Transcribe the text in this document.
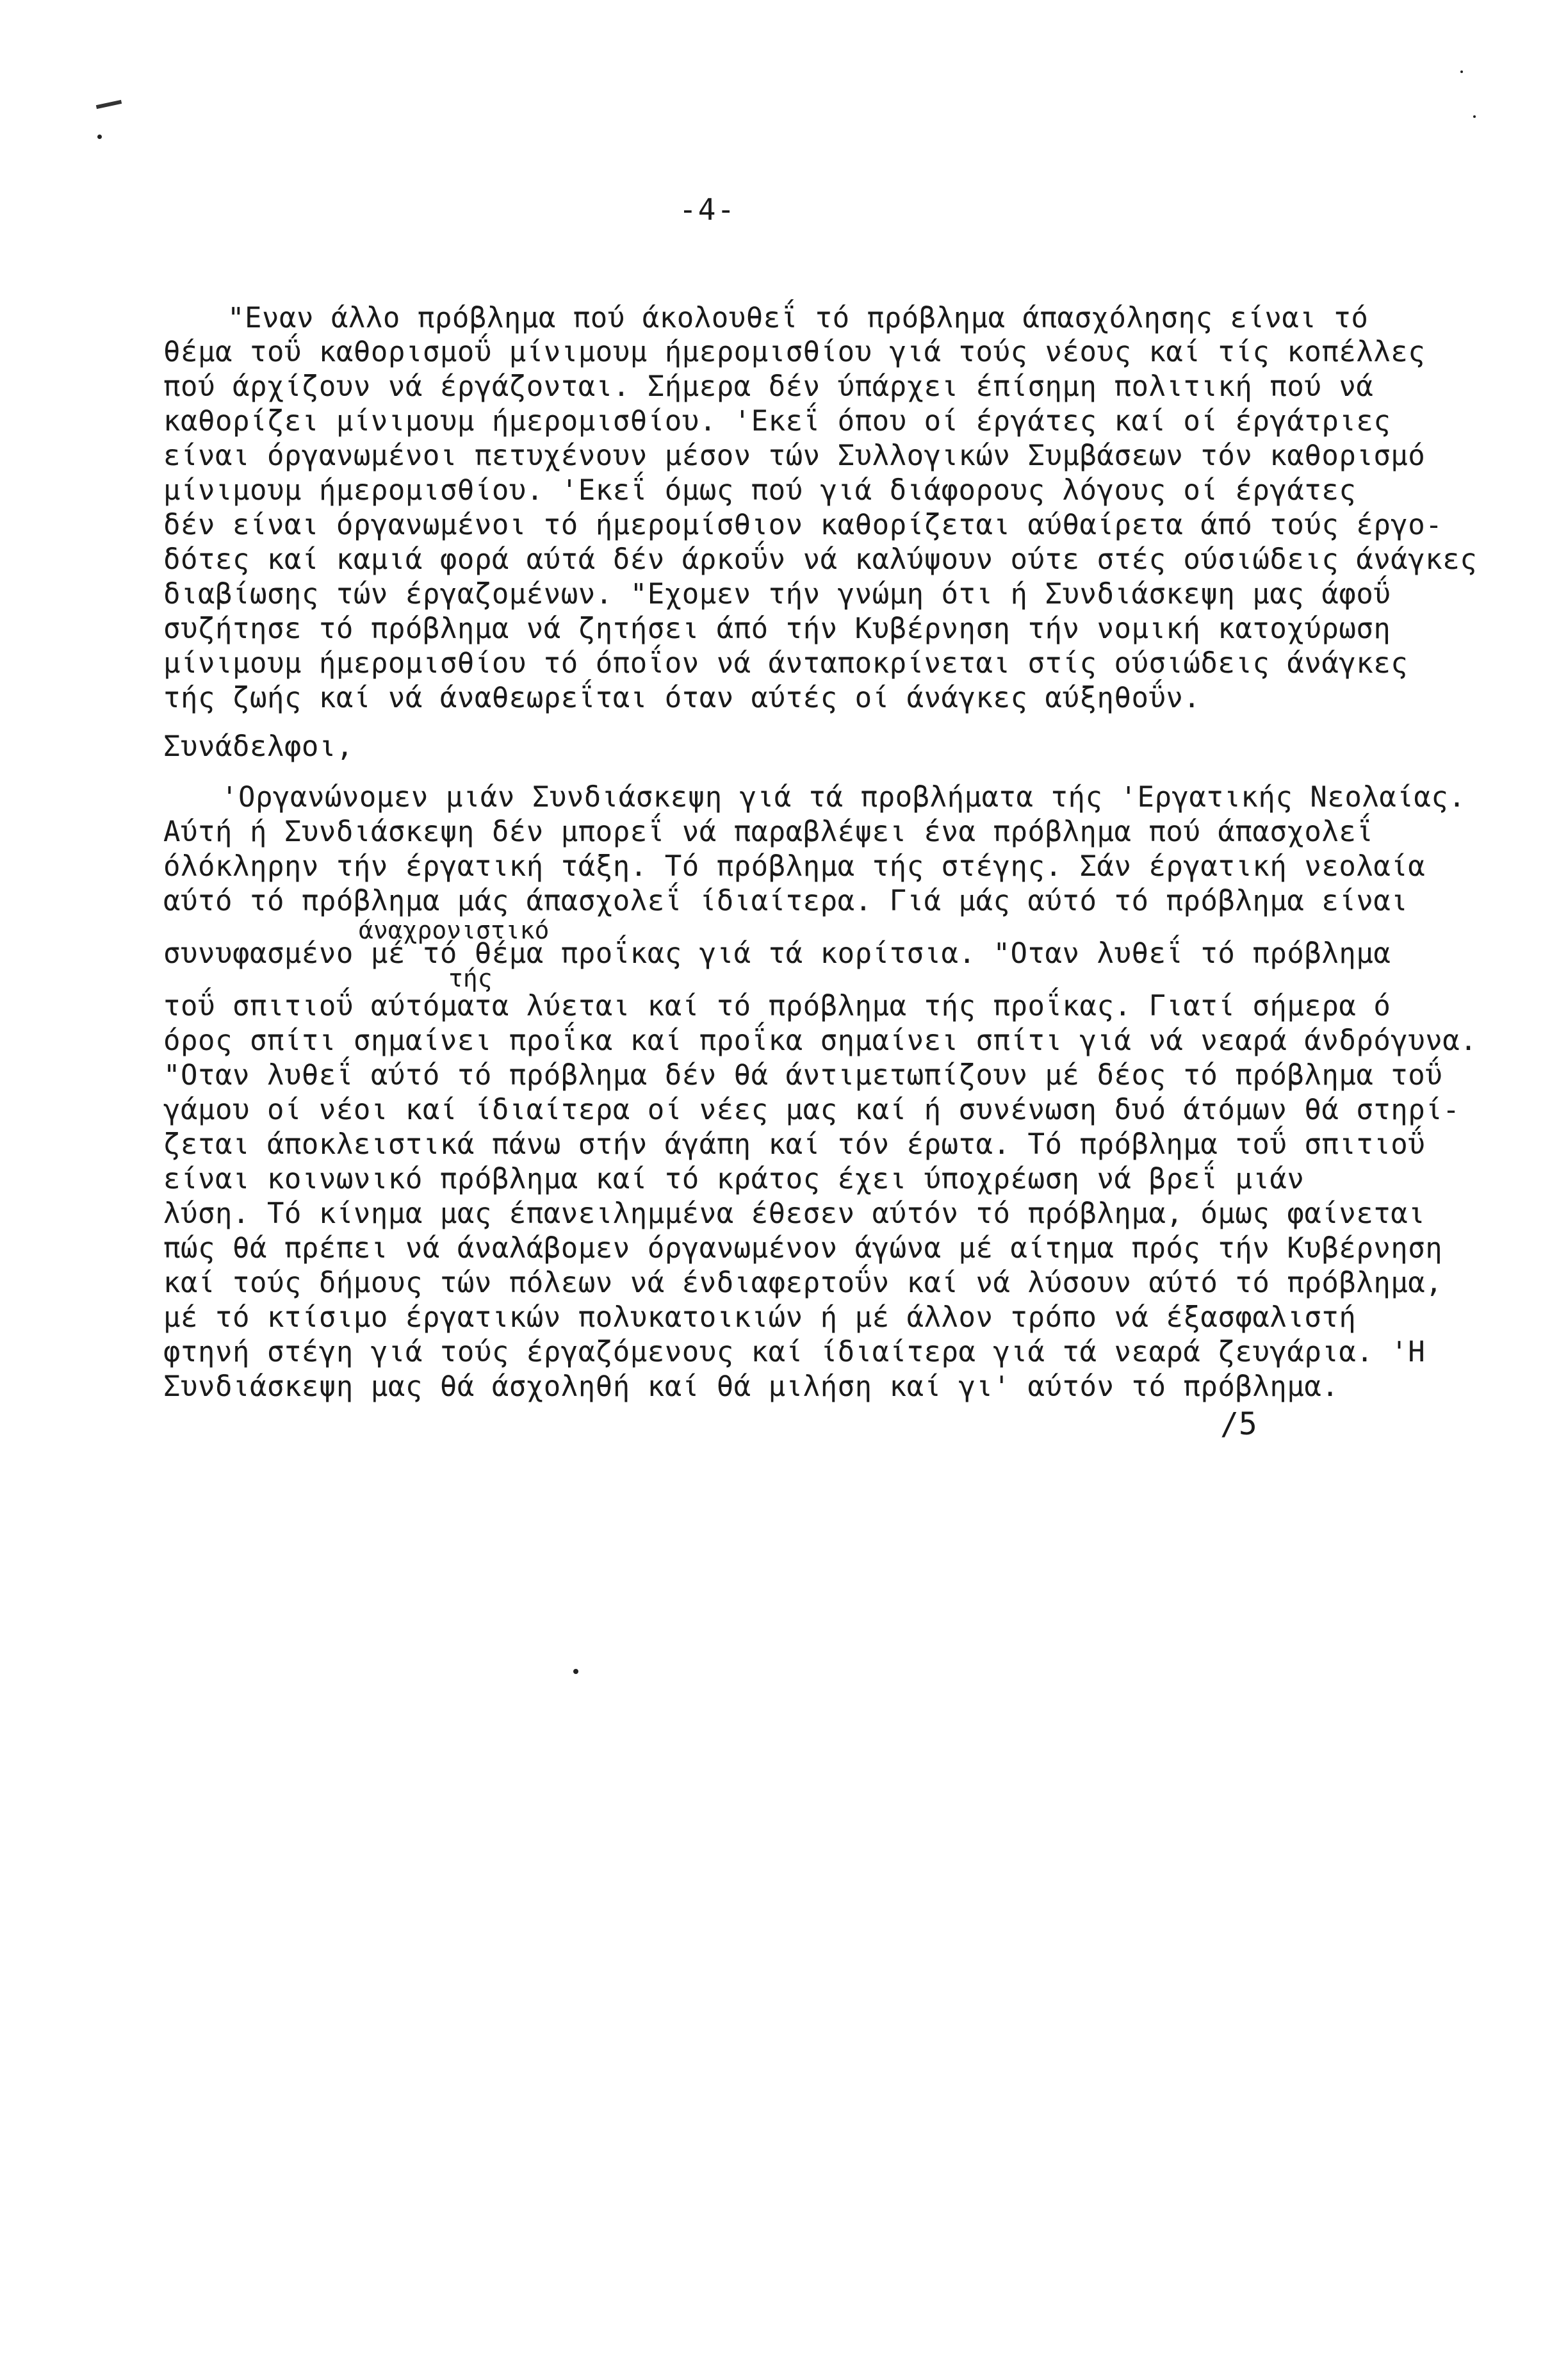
-4-
"Εναν άλλο πρόβλημα πού άκολουθεΐ τό πρόβλημα άπασχόλησης είναι τό
θέμα τοΰ καθορισμοΰ μίνιμουμ ήμερομισθίου γιά τούς νέους καί τίς κοπέλλες
πού άρχίζουν νά έργάζονται. Σήμερα δέν ύπάρχει έπίσημη πολιτική πού νά
καθορίζει μίνιμουμ ήμερομισθίου. 'Εκεΐ όπου οί έργάτες καί οί έργάτριες
είναι όργανωμένοι πετυχένουν μέσον τών Συλλογικών Συμβάσεων τόν καθορισμό
μίνιμουμ ήμερομισθίου. 'Εκεΐ όμως πού γιά διάφορους λόγους οί έργάτες
δέν είναι όργανωμένοι τό ήμερομίσθιον καθορίζεται αύθαίρετα άπό τούς έργο-
δότες καί καμιά φορά αύτά δέν άρκοΰν νά καλύψουν ούτε στές ούσιώδεις άνάγκες
διαβίωσης τών έργαζομένων. "Εχομεν τήν γνώμη ότι ή Συνδιάσκεψη μας άφοΰ
συζήτησε τό πρόβλημα νά ζητήσει άπό τήν Κυβέρνηση τήν νομική κατοχύρωση
μίνιμουμ ήμερομισθίου τό όποΐον νά άνταποκρίνεται στίς ούσιώδεις άνάγκες
τής ζωής καί νά άναθεωρεΐται όταν αύτές οί άνάγκες αύξηθοΰν.
Συνάδελφοι,
'Οργανώνομεν μιάν Συνδιάσκεψη γιά τά προβλήματα τής 'Εργατικής Νεολαίας.
Αύτή ή Συνδιάσκεψη δέν μπορεΐ νά παραβλέψει ένα πρόβλημα πού άπασχολεΐ
όλόκληρην τήν έργατική τάξη. Τό πρόβλημα τής στέγης. Σάν έργατική νεολαία
αύτό τό πρόβλημα μάς άπασχολεΐ ίδιαίτερα. Γιά μάς αύτό τό πρόβλημα είναι
άναχρονιστικό
συνυφασμένο μέ τό θέμα προΐκας γιά τά κορίτσια. "Οταν λυθεΐ τό πρόβλημα
τής
τοΰ σπιτιοΰ αύτόματα λύεται καί τό πρόβλημα τής προΐκας. Γιατί σήμερα ό
όρος σπίτι σημαίνει προΐκα καί προΐκα σημαίνει σπίτι γιά νά νεαρά άνδρόγυνα.
"Οταν λυθεΐ αύτό τό πρόβλημα δέν θά άντιμετωπίζουν μέ δέος τό πρόβλημα τοΰ
γάμου οί νέοι καί ίδιαίτερα οί νέες μας καί ή συνένωση δυό άτόμων θά στηρί-
ζεται άποκλειστικά πάνω στήν άγάπη καί τόν έρωτα. Τό πρόβλημα τοΰ σπιτιοΰ
είναι κοινωνικό πρόβλημα καί τό κράτος έχει ύποχρέωση νά βρεΐ μιάν
λύση. Τό κίνημα μας έπανειλημμένα έθεσεν αύτόν τό πρόβλημα, όμως φαίνεται
πώς θά πρέπει νά άναλάβομεν όργανωμένον άγώνα μέ αίτημα πρός τήν Κυβέρνηση
καί τούς δήμους τών πόλεων νά ένδιαφερτοΰν καί νά λύσουν αύτό τό πρόβλημα,
μέ τό κτίσιμο έργατικών πολυκατοικιών ή μέ άλλον τρόπο νά έξασφαλιστή
φτηνή στέγη γιά τούς έργαζόμενους καί ίδιαίτερα γιά τά νεαρά ζευγάρια. 'Η
Συνδιάσκεψη μας θά άσχοληθή καί θά μιλήση καί γι' αύτόν τό πρόβλημα.
/5
